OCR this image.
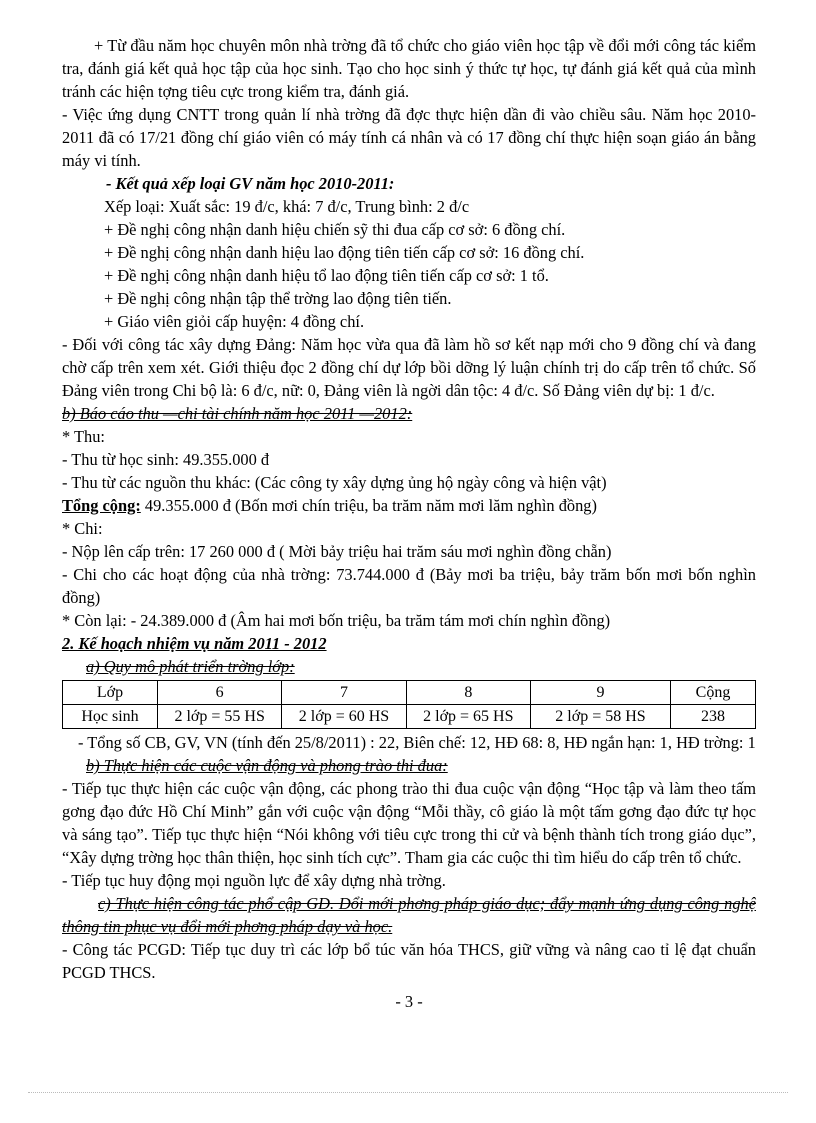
+ Từ đầu năm học chuyên môn nhà trờng đã tổ chức cho giáo viên học tập về đổi mới công tác kiểm tra, đánh giá kết quả học tập của học sinh. Tạo cho học sinh ý thức tự học, tự đánh giá kết quả của mình tránh các hiện tợng tiêu cực trong kiểm tra, đánh giá.

- Việc ứng dụng CNTT trong quản lí nhà trờng đã đợc thực hiện dần đi vào chiều sâu. Năm học 2010-2011 đã có 17/21 đồng chí giáo viên có máy tính cá nhân và có 17 đồng chí thực hiện soạn giáo án bằng máy vi tính.

- Kết quả xếp loại GV năm học 2010-2011:

Xếp loại: Xuất sắc: 19 đ/c, khá: 7 đ/c, Trung bình: 2 đ/c

+ Đề nghị công nhận danh hiệu chiến sỹ thi đua cấp cơ sở: 6 đồng chí.

+ Đề nghị công nhận danh hiệu lao động tiên tiến cấp cơ sở: 16 đồng chí.

+ Đề nghị công nhận danh hiệu tổ lao động tiên tiến cấp cơ sở: 1 tổ.

+ Đề nghị công nhận tập thể trờng lao động tiên tiến.

+ Giáo viên giỏi cấp huyện: 4 đồng chí.

- Đối với công tác xây dựng Đảng: Năm học vừa qua đã làm hồ sơ kết nạp mới cho 9 đồng chí và đang chờ cấp trên xem xét. Giới thiệu đọc 2 đồng chí dự lớp bồi dỡng lý luận chính trị do cấp trên tổ chức. Số Đảng viên trong Chi bộ là: 6 đ/c, nữ: 0, Đảng viên là ngời dân tộc: 4 đ/c. Số Đảng viên dự bị: 1 đ/c.

b) Báo cáo thu —chi tài chính năm học 2011 —2012:

* Thu:

- Thu từ học sinh: 49.355.000 đ

- Thu từ các nguồn thu khác: (Các công ty xây dựng ủng hộ ngày công và hiện vật)

Tổng cộng: 49.355.000 đ (Bốn mơi chín triệu, ba trăm năm mơi lăm nghìn đồng)

* Chi:

- Nộp lên cấp trên: 17 260 000 đ ( Mời bảy triệu hai trăm sáu mơi nghìn đồng chẵn)

- Chi cho các hoạt động của nhà trờng: 73.744.000 đ (Bảy mơi ba triệu, bảy trăm bốn mơi bốn nghìn đồng)

* Còn lại: - 24.389.000 đ (Âm hai mơi bốn triệu, ba trăm tám mơi chín nghìn đồng)

2. Kế hoạch nhiệm vụ năm 2011 - 2012

a) Quy mô phát triển trờng lớp:

Lớp	6	7	8	9	Cộng
Học sinh	2 lớp = 55 HS	2 lớp = 60 HS	2 lớp = 65 HS	2 lớp = 58 HS	238

- Tổng số CB, GV, VN (tính đến 25/8/2011) : 22, Biên chế: 12, HĐ 68: 8, HĐ ngắn hạn: 1, HĐ trờng: 1

b) Thực hiện các cuộc vận động và phong trào thi đua:

- Tiếp tục thực hiện các cuộc vận động, các phong trào thi đua cuộc vận động “Học tập và làm theo tấm gơng đạo đức Hồ Chí Minh” gắn với cuộc vận động “Mỗi thầy, cô giáo là một tấm gơng đạo đức tự học và sáng tạo”. Tiếp tục thực hiện “Nói không với tiêu cực trong thi cử và bệnh thành tích trong giáo dục”, “Xây dựng trờng học thân thiện, học sinh tích cực”. Tham gia các cuộc thi tìm hiểu do cấp trên tổ chức.

- Tiếp tục huy động mọi nguồn lực để xây dựng nhà trờng.

c) Thực hiện công tác phổ cập GD. Đổi mới phơng pháp giáo dục; đẩy mạnh ứng dụng công nghệ thông tin phục vụ đổi mới phơng pháp dạy và học.

- Công tác PCGD: Tiếp tục duy trì các lớp bổ túc văn hóa THCS, giữ vững và nâng cao tỉ lệ đạt chuẩn PCGD THCS.

- 3 -
